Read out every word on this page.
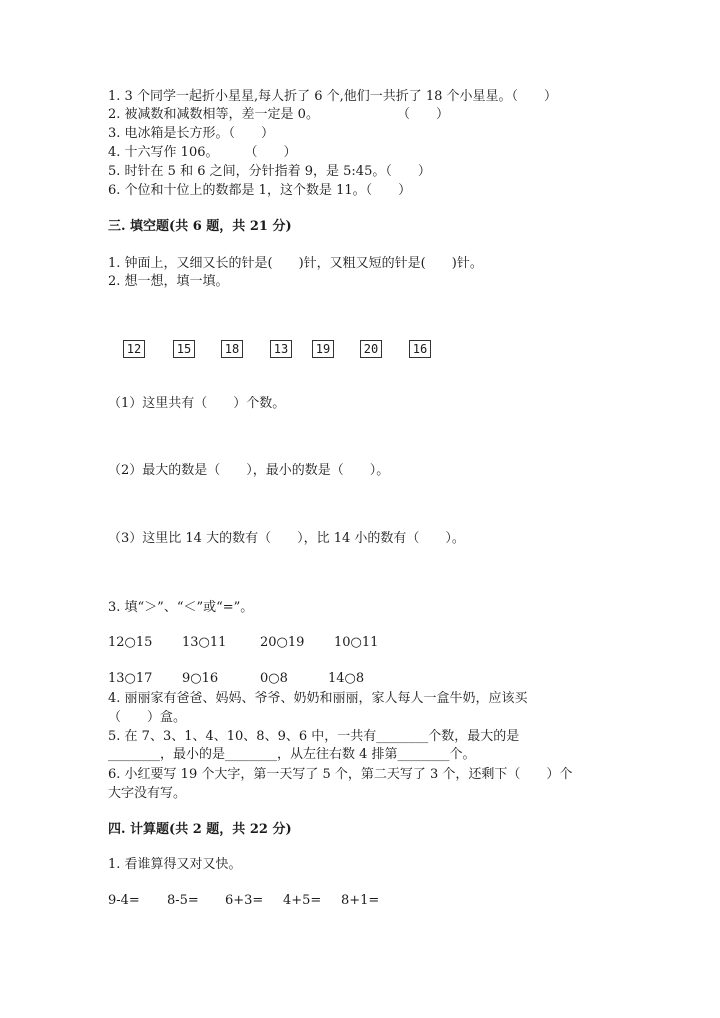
1. 3 个同学一起折小星星,每人折了 6 个,他们一共折了 18 个小星星。（　　）
2. 被减数和减数相等，差一定是 0。　　　　　　　（　　）
3. 电冰箱是长方形。（　　）
4. 十六写作 106。　　　（　　）
5. 时针在 5 和 6 之间，分针指着 9，是 5:45。（　　）
6. 个位和十位上的数都是 1，这个数是 11。（　　）
三. 填空题(共 6 题，共 21 分)
1. 钟面上，又细又长的针是(　　)针，又粗又短的针是(　　)针。
2. 想一想，填一填。
12	15	18	13	19	20	16
（1）这里共有（　　）个数。
（2）最大的数是（　　），最小的数是（　　）。
（3）这里比 14 大的数有（　　），比 14 小的数有（　　）。
3. 填“＞”、“＜”或“=”。
12○15 13○11	20○19 10○11
13○17 9○16	0○8	14○8
4. 丽丽家有爸爸、妈妈、爷爷、奶奶和丽丽，家人每人一盒牛奶，应该买
（　　）盒。
5. 在 7、3、1、4、10、8、9、6 中，一共有________个数，最大的是
________，最小的是________，从左往右数 4 排第________个。
6. 小红要写 19 个大字，第一天写了 5 个，第二天写了 3 个，还剩下（　　）个
大字没有写。
四. 计算题(共 2 题，共 22 分)
1. 看谁算得又对又快。
9-4= 8-5= 6+3= 4+5= 8+1=
